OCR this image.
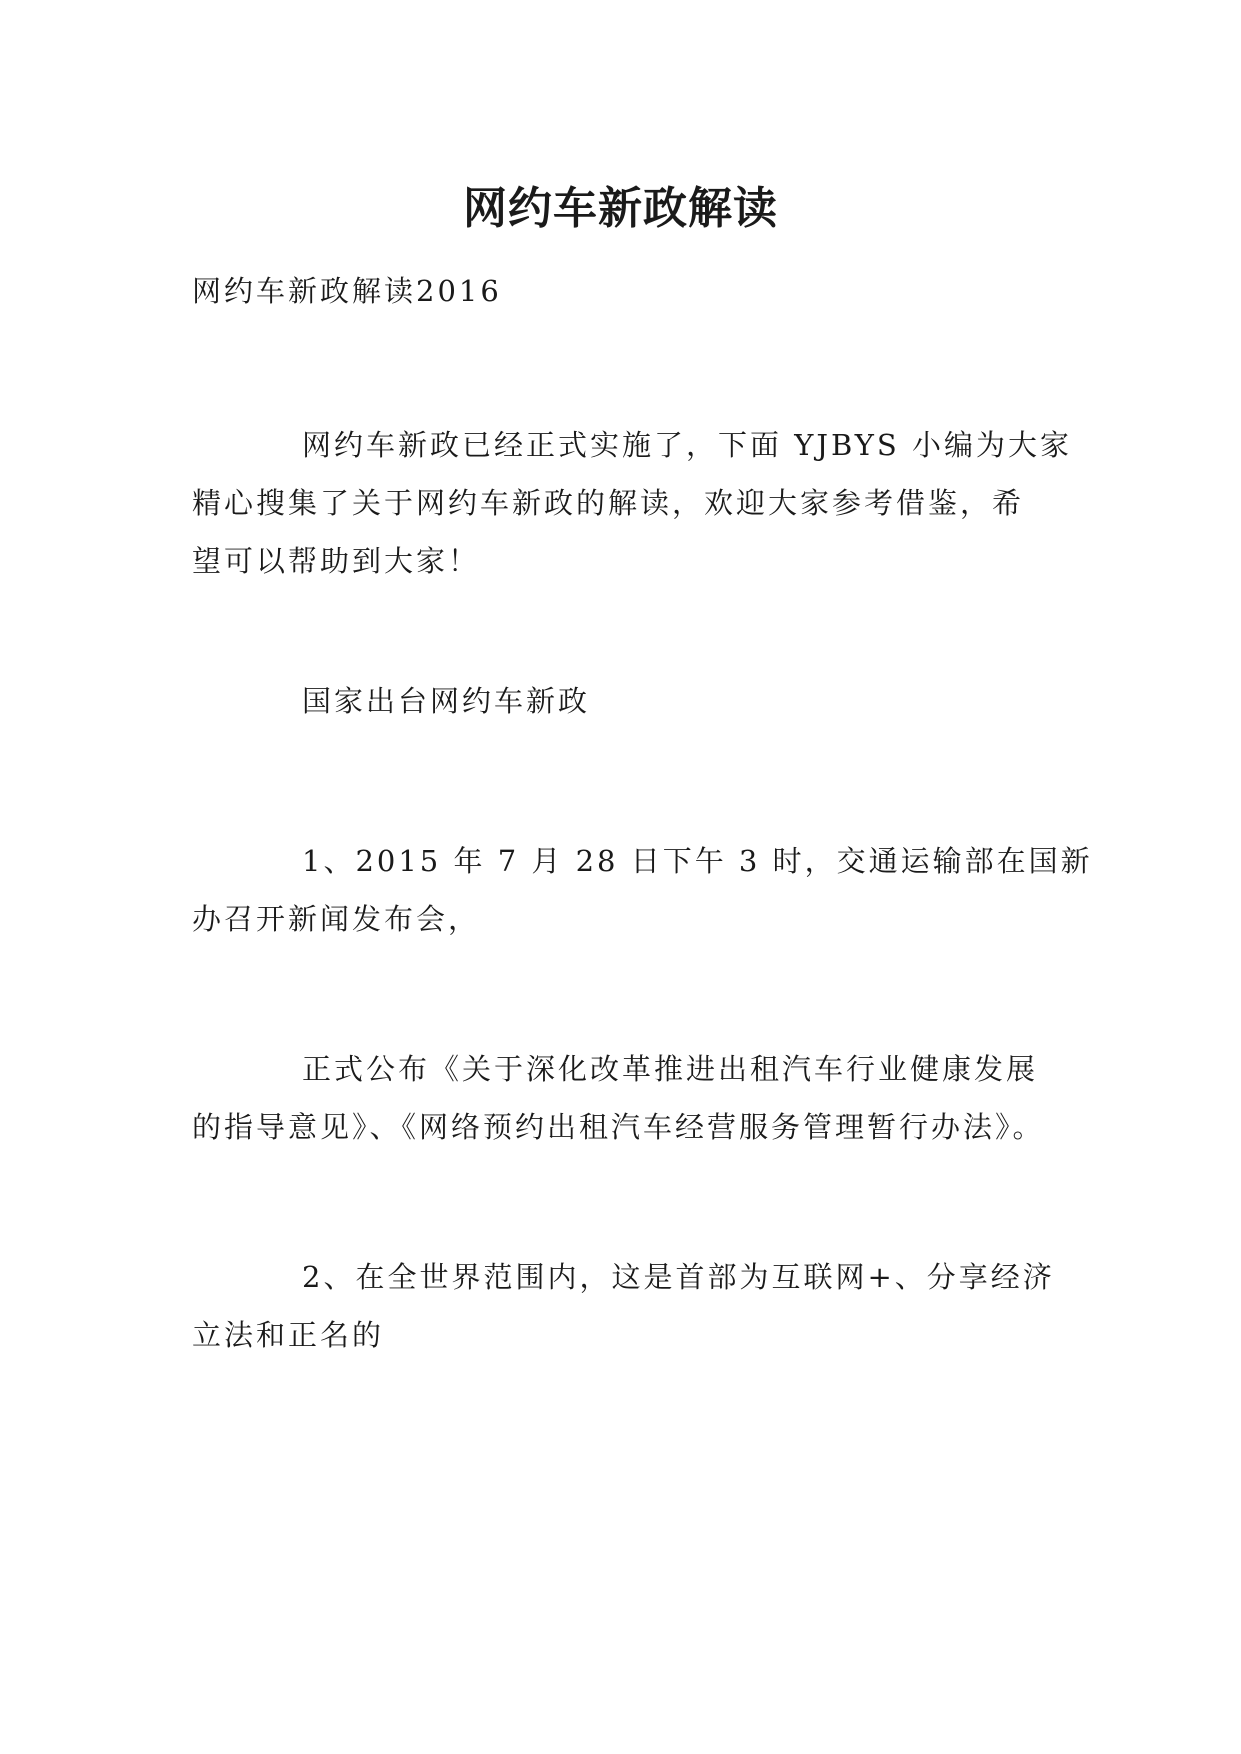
网约车新政解读

网约车新政解读2016

网约车新政已经正式实施了，下面 YJBYS 小编为大家
精心搜集了关于网约车新政的解读，欢迎大家参考借鉴，希
望可以帮助到大家！

国家出台网约车新政

1、2015 年 7 月 28 日下午 3 时，交通运输部在国新
办召开新闻发布会，

正式公布《关于深化改革推进出租汽车行业健康发展
的指导意见》、《网络预约出租汽车经营服务管理暂行办法》。

2、在全世界范围内，这是首部为互联网+、分享经济
立法和正名的
